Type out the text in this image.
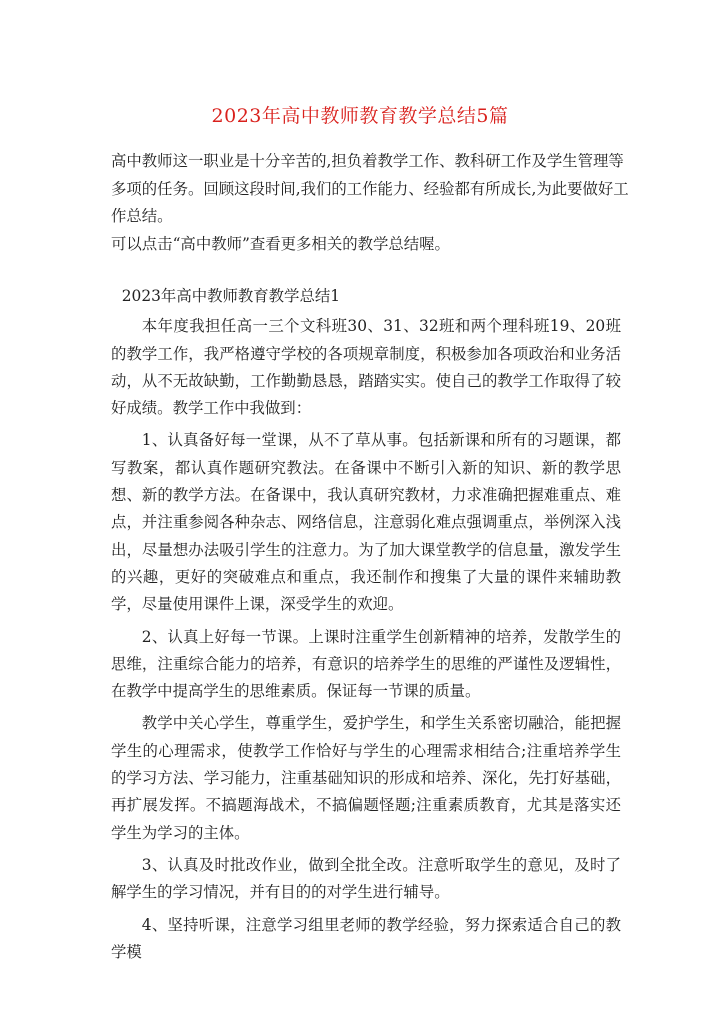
2023年高中教师教育教学总结5篇

高中教师这一职业是十分辛苦的,担负着教学工作、教科研工作及学生管理等多项的任务。回顾这段时间,我们的工作能力、经验都有所成长,为此要做好工作总结。

可以点击“高中教师”查看更多相关的教学总结喔。

2023年高中教师教育教学总结1

本年度我担任高一三个文科班30、31、32班和两个理科班19、20班的教学工作，我严格遵守学校的各项规章制度，积极参加各项政治和业务活动，从不无故缺勤，工作勤勤恳恳，踏踏实实。使自己的教学工作取得了较好成绩。教学工作中我做到：

1、认真备好每一堂课，从不了草从事。包括新课和所有的习题课，都写教案，都认真作题研究教法。在备课中不断引入新的知识、新的教学思想、新的教学方法。在备课中，我认真研究教材，力求准确把握难重点、难点，并注重参阅各种杂志、网络信息，注意弱化难点强调重点，举例深入浅出，尽量想办法吸引学生的注意力。为了加大课堂教学的信息量，激发学生的兴趣，更好的突破难点和重点，我还制作和搜集了大量的课件来辅助教学，尽量使用课件上课，深受学生的欢迎。

2、认真上好每一节课。上课时注重学生创新精神的培养，发散学生的思维，注重综合能力的培养，有意识的培养学生的思维的严谨性及逻辑性，在教学中提高学生的思维素质。保证每一节课的质量。

教学中关心学生，尊重学生，爱护学生，和学生关系密切融洽，能把握学生的心理需求，使教学工作恰好与学生的心理需求相结合;注重培养学生的学习方法、学习能力，注重基础知识的形成和培养、深化，先打好基础，再扩展发挥。不搞题海战术，不搞偏题怪题;注重素质教育，尤其是落实还学生为学习的主体。

3、认真及时批改作业，做到全批全改。注意听取学生的意见，及时了解学生的学习情况，并有目的的对学生进行辅导。

4、坚持听课，注意学习组里老师的教学经验，努力探索适合自己的教学模
